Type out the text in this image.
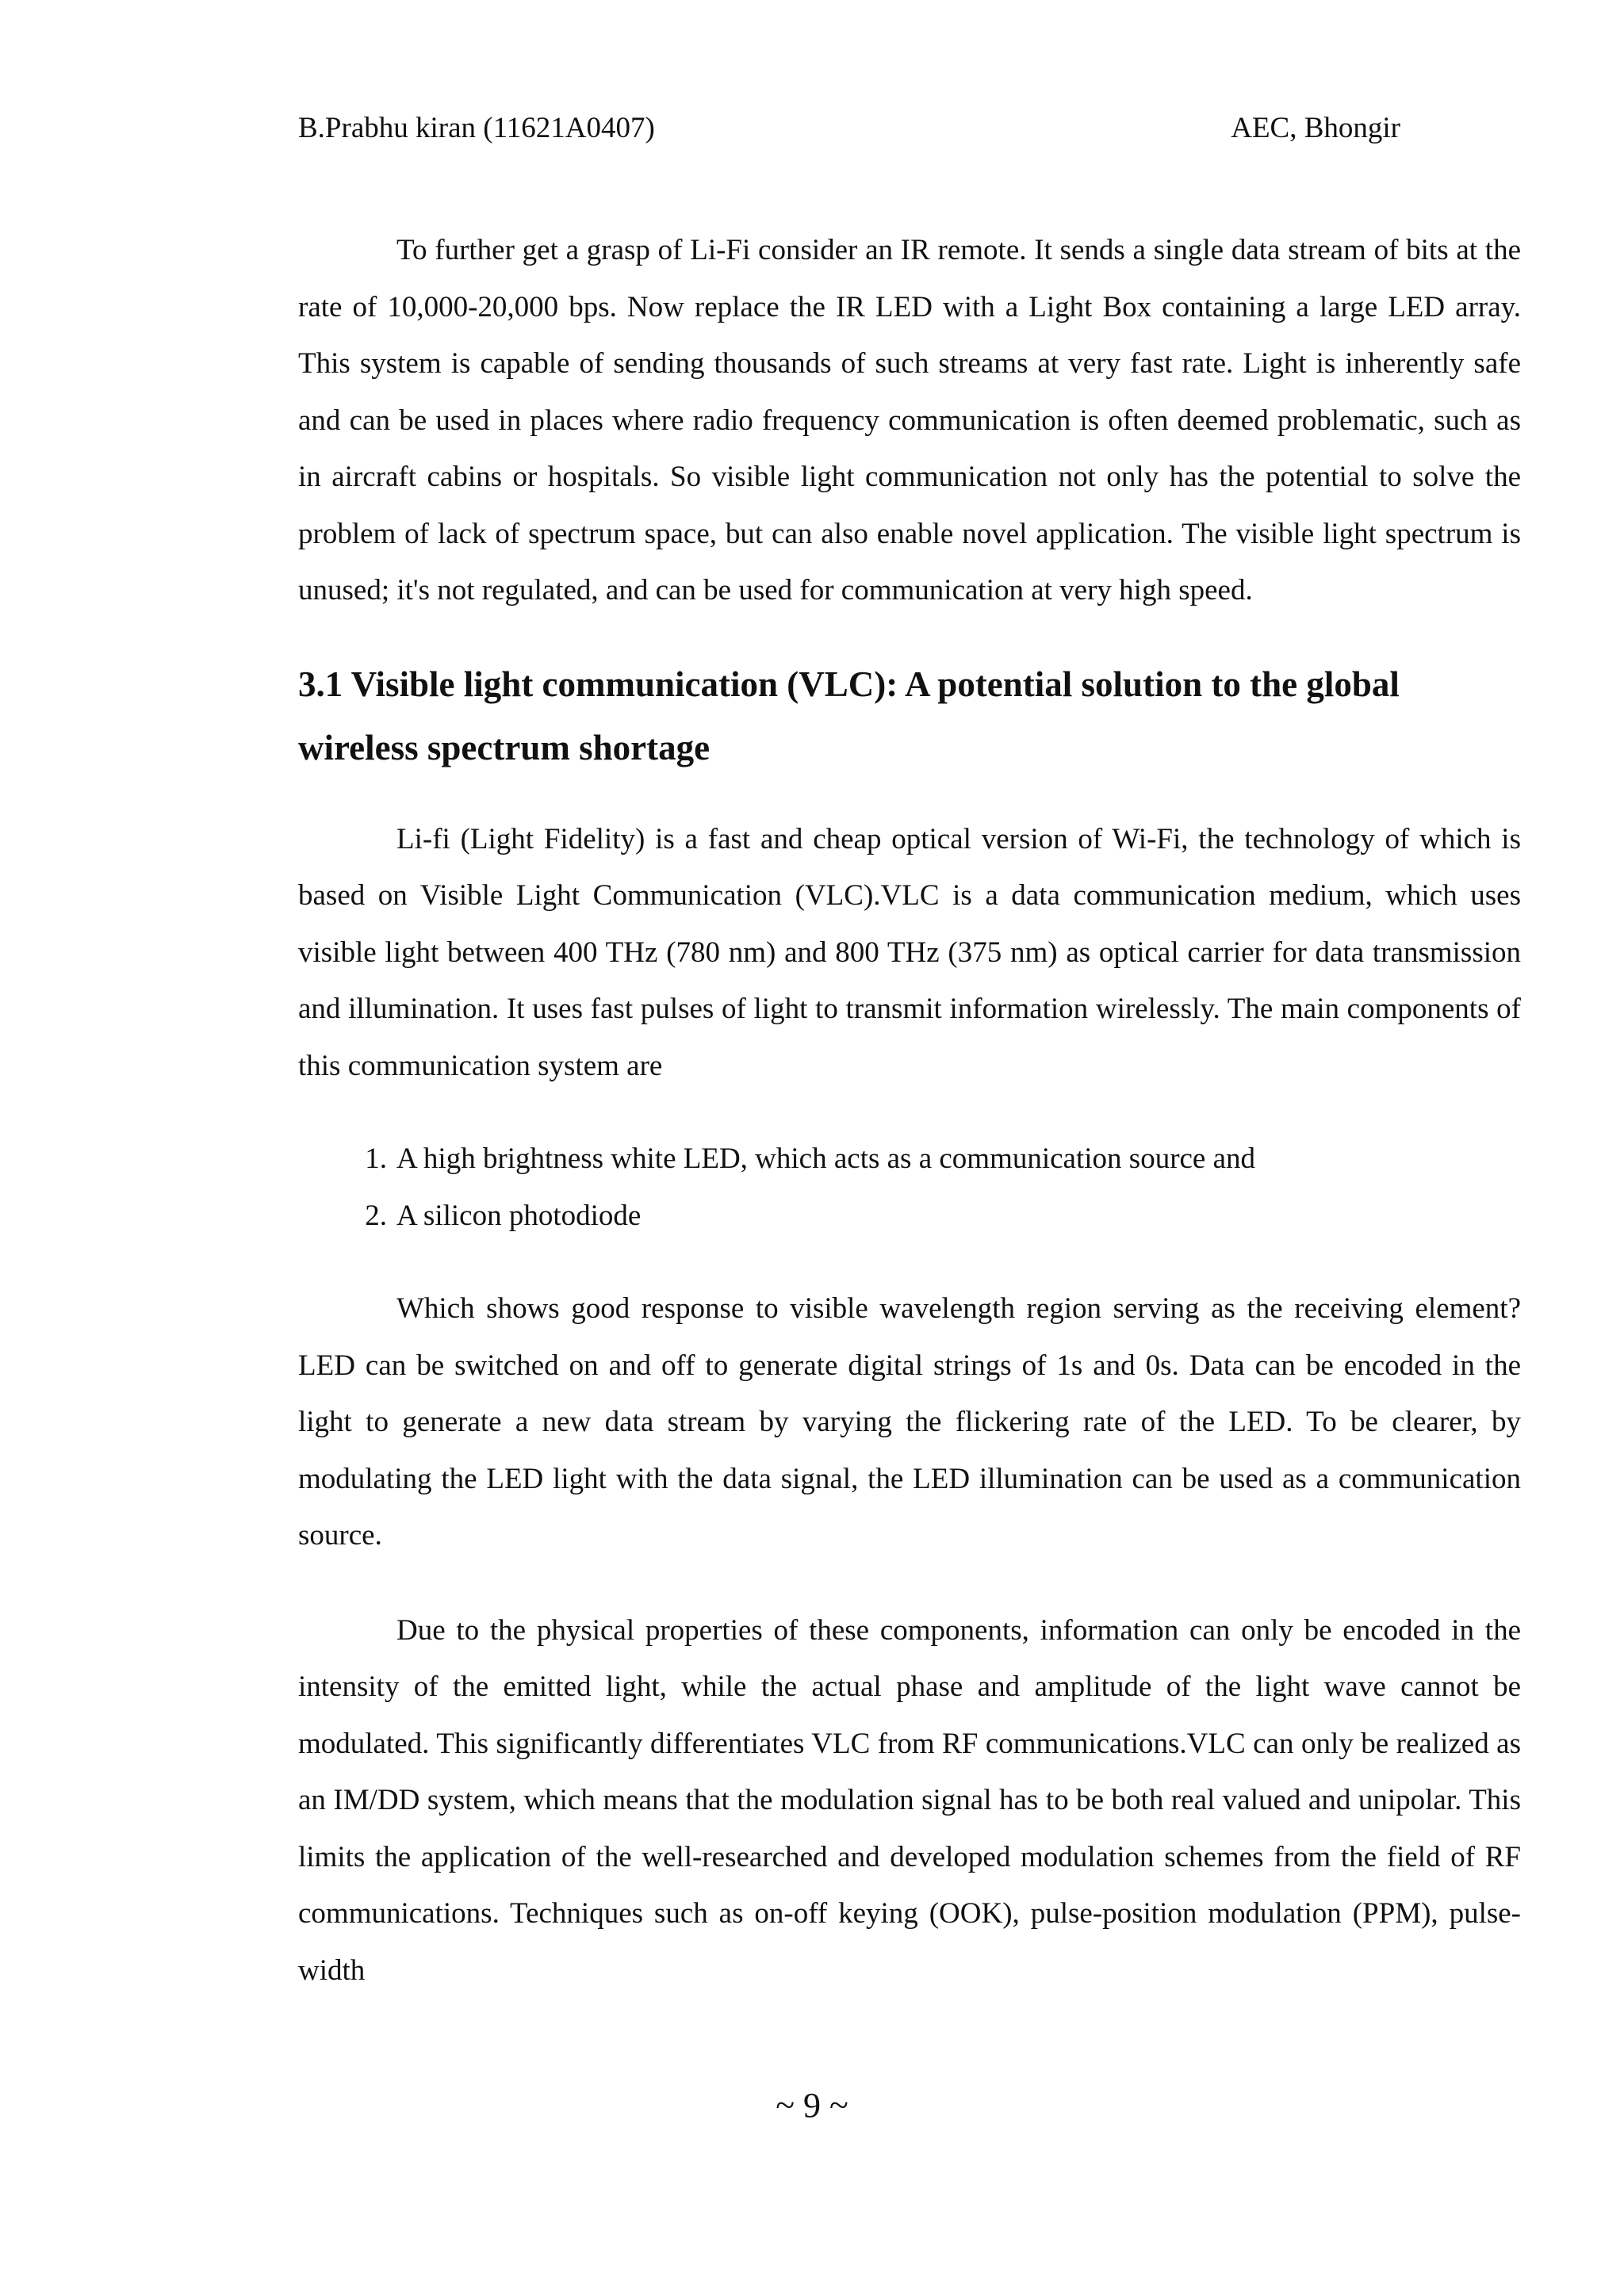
B.Prabhu kiran (11621A0407)	AEC, Bhongir

To further get a grasp of Li-Fi consider an IR remote. It sends a single data stream of bits at the rate of 10,000-20,000 bps. Now replace the IR LED with a Light Box containing a large LED array. This system is capable of sending thousands of such streams at very fast rate. Light is inherently safe and can be used in places where radio frequency communication is often deemed problematic, such as in aircraft cabins or hospitals. So visible light communication not only has the potential to solve the problem of lack of spectrum space, but can also enable novel application. The visible light spectrum is unused; it's not regulated, and can be used for communication at very high speed.

3.1 Visible light communication (VLC): A potential solution to the global wireless spectrum shortage

Li-fi (Light Fidelity) is a fast and cheap optical version of Wi-Fi, the technology of which is based on Visible Light Communication (VLC).VLC is a data communication medium, which uses visible light between 400 THz (780 nm) and 800 THz (375 nm) as optical carrier for data transmission and illumination. It uses fast pulses of light to transmit information wirelessly. The main components of this communication system are

1. A high brightness white LED, which acts as a communication source and
2. A silicon photodiode

Which shows good response to visible wavelength region serving as the receiving element? LED can be switched on and off to generate digital strings of 1s and 0s. Data can be encoded in the light to generate a new data stream by varying the flickering rate of the LED. To be clearer, by modulating the LED light with the data signal, the LED illumination can be used as a communication source.

Due to the physical properties of these components, information can only be encoded in the intensity of the emitted light, while the actual phase and amplitude of the light wave cannot be modulated. This significantly differentiates VLC from RF communications.VLC can only be realized as an IM/DD system, which means that the modulation signal has to be both real valued and unipolar. This limits the application of the well-researched and developed modulation schemes from the field of RF communications. Techniques such as on-off keying (OOK), pulse-position modulation (PPM), pulse-width

~ 9 ~
